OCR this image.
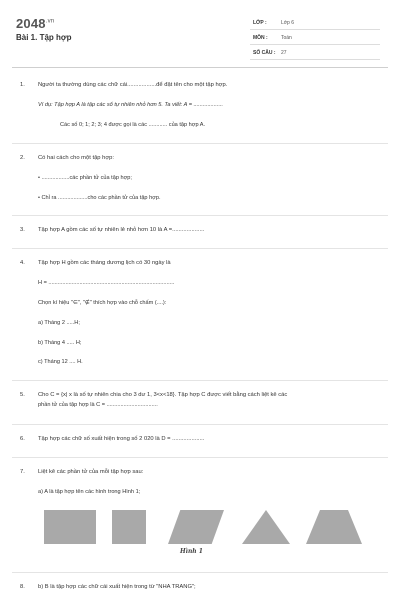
$2048^{.vn}$
Bài 1. Tập hợp
LỚP :	Lớp 6
MÔN :	Toán
SỐ CÂU : 27
1.	Người ta thường dùng các chữ cái..................để đặt tên cho một tập hợp.
Ví dụ: Tập hợp A là tập các số tự nhiên nhỏ hơn 5. Ta viết: A = ...................
Các số 0; 1; 2; 3; 4 được gọi là các ............ của tập hợp A.
2.	Có hai cách cho một tập hợp:
• ..................các phần tử của tập hợp;
• Chỉ ra ...................cho các phần tử của tập hợp.
3.	Tập hợp A gồm các số tự nhiên lẻ nhỏ hơn 10 là A =....................
4.	Tập hợp H gồm các tháng dương lịch có 30 ngày là
H = .................................................................................
Chọn kí hiệu "∈", "∉" thích hợp vào chỗ chấm (....):
a) Tháng 2 .....H;
b) Tháng 4 ..... H;
c) Tháng 12 .... H.
5.	Cho C = {x| x là số tự nhiên chia cho 3 dư 1, 3<x<18}. Tập hợp C được viết bằng cách liệt kê các
phần tử của tập hợp là C = .................................
6.	Tập hợp các chữ số xuất hiện trong số 2 020 là D = ....................
7.	Liệt kê các phần tử của mỗi tập hợp sau:
a) A là tập hợp tên các hình trong Hình 1;
Hình 1
8.	b) B là tập hợp các chữ cái xuất hiện trong từ "NHA TRANG";
